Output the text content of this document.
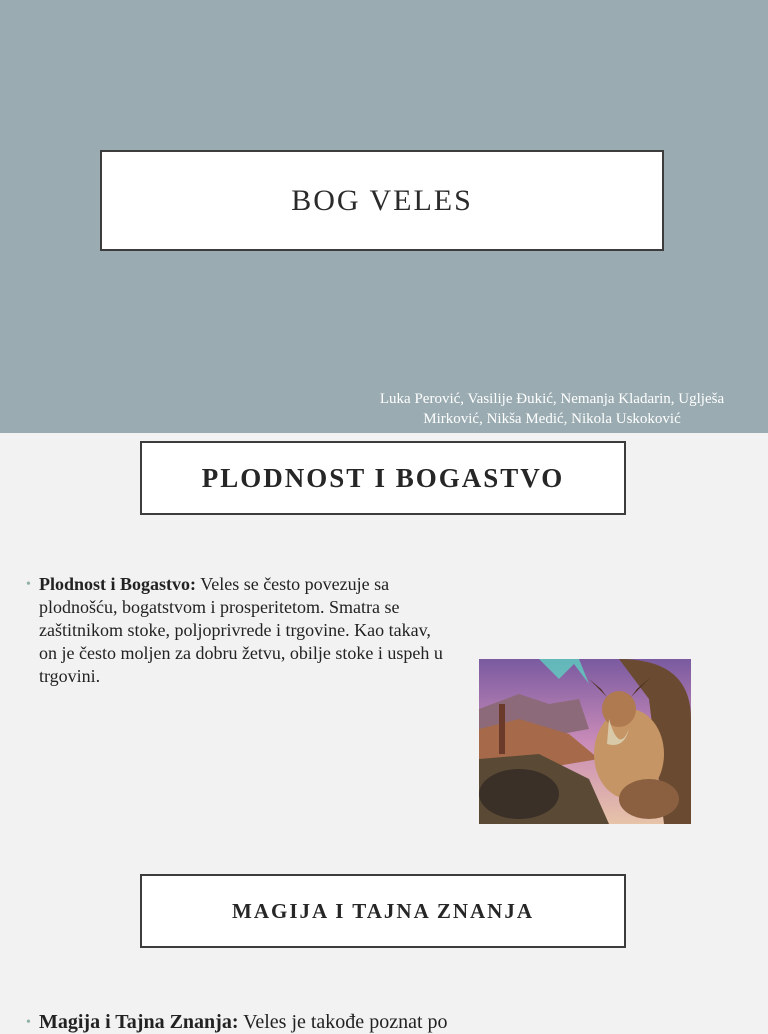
BOG VELES
Luka Perović, Vasilije Đukić, Nemanja Kladarin, Uglješa
Mirković, Nikša Medić, Nikola Uskoković
PLODNOST I BOGASTVO
• Plodnost i Bogastvo: Veles se često povezuje sa plodnošću, bogatstvom i prosperitetom. Smatra se zaštitnikom stoke, poljoprivrede i trgovine. Kao takav, on je često moljen za dobru žetvu, obilje stoke i uspeh u trgovini.
MAGIJA I TAJNA ZNANJA
• Magija i Tajna Znanja: Veles je takođe poznat po
